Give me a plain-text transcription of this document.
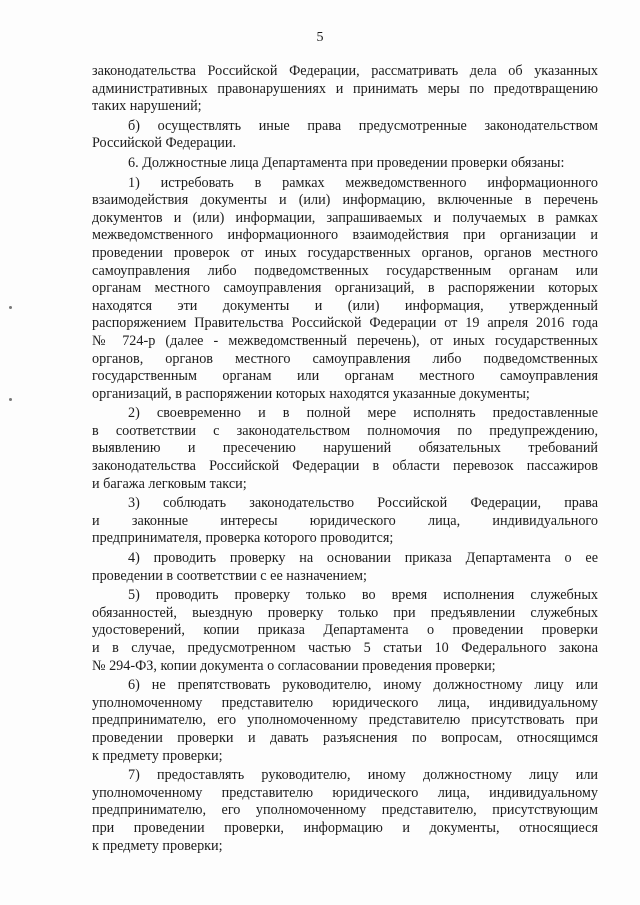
5
законодательства Российской Федерации, рассматривать дела об указанных
административных правонарушениях и принимать меры по предотвращению
таких нарушений;
б) осуществлять иные права предусмотренные законодательством
Российской Федерации.
6. Должностные лица Департамента при проведении проверки обязаны:
1) истребовать в рамках межведомственного информационного
взаимодействия документы и (или) информацию, включенные в перечень
документов и (или) информации, запрашиваемых и получаемых в рамках
межведомственного информационного взаимодействия при организации и
проведении проверок от иных государственных органов, органов местного
самоуправления либо подведомственных государственным органам или
органам местного самоуправления организаций, в распоряжении которых
находятся эти документы и (или) информация, утвержденный
распоряжением Правительства Российской Федерации от 19 апреля 2016 года
№ 724-р (далее - межведомственный перечень), от иных государственных
органов, органов местного самоуправления либо подведомственных
государственным органам или органам местного самоуправления
организаций, в распоряжении которых находятся указанные документы;
2) своевременно и в полной мере исполнять предоставленные
в соответствии с законодательством полномочия по предупреждению,
выявлению и пресечению нарушений обязательных требований
законодательства Российской Федерации в области перевозок пассажиров
и багажа легковым такси;
3) соблюдать законодательство Российской Федерации, права
и законные интересы юридического лица, индивидуального
предпринимателя, проверка которого проводится;
4) проводить проверку на основании приказа Департамента о ее
проведении в соответствии с ее назначением;
5) проводить проверку только во время исполнения служебных
обязанностей, выездную проверку только при предъявлении служебных
удостоверений, копии приказа Департамента о проведении проверки
и в случае, предусмотренном частью 5 статьи 10 Федерального закона
№ 294-ФЗ, копии документа о согласовании проведения проверки;
6) не препятствовать руководителю, иному должностному лицу или
уполномоченному представителю юридического лица, индивидуальному
предпринимателю, его уполномоченному представителю присутствовать при
проведении проверки и давать разъяснения по вопросам, относящимся
к предмету проверки;
7) предоставлять руководителю, иному должностному лицу или
уполномоченному представителю юридического лица, индивидуальному
предпринимателю, его уполномоченному представителю, присутствующим
при проведении проверки, информацию и документы, относящиеся
к предмету проверки;
